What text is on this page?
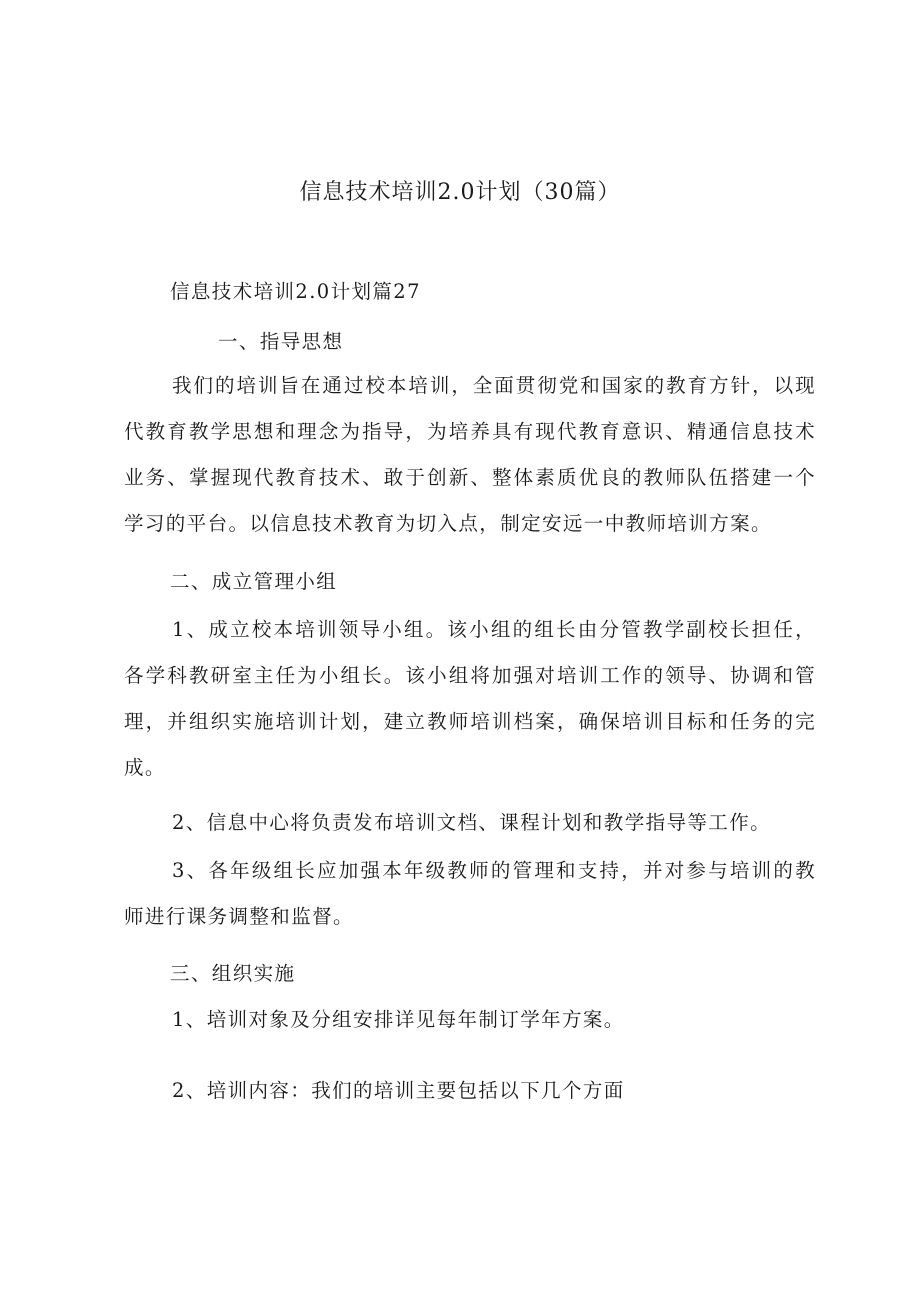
信息技术培训2.0计划（30篇）
信息技术培训2.0计划篇27
一、指导思想
我们的培训旨在通过校本培训，全面贯彻党和国家的教育方针，以现
代教育教学思想和理念为指导，为培养具有现代教育意识、精通信息技术
业务、掌握现代教育技术、敢于创新、整体素质优良的教师队伍搭建一个
学习的平台。以信息技术教育为切入点，制定安远一中教师培训方案。
二、成立管理小组
1、成立校本培训领导小组。该小组的组长由分管教学副校长担任，
各学科教研室主任为小组长。该小组将加强对培训工作的领导、协调和管
理，并组织实施培训计划，建立教师培训档案，确保培训目标和任务的完
成。
2、信息中心将负责发布培训文档、课程计划和教学指导等工作。
3、各年级组长应加强本年级教师的管理和支持，并对参与培训的教
师进行课务调整和监督。
三、组织实施
1、培训对象及分组安排详见每年制订学年方案。
2、培训内容：我们的培训主要包括以下几个方面
